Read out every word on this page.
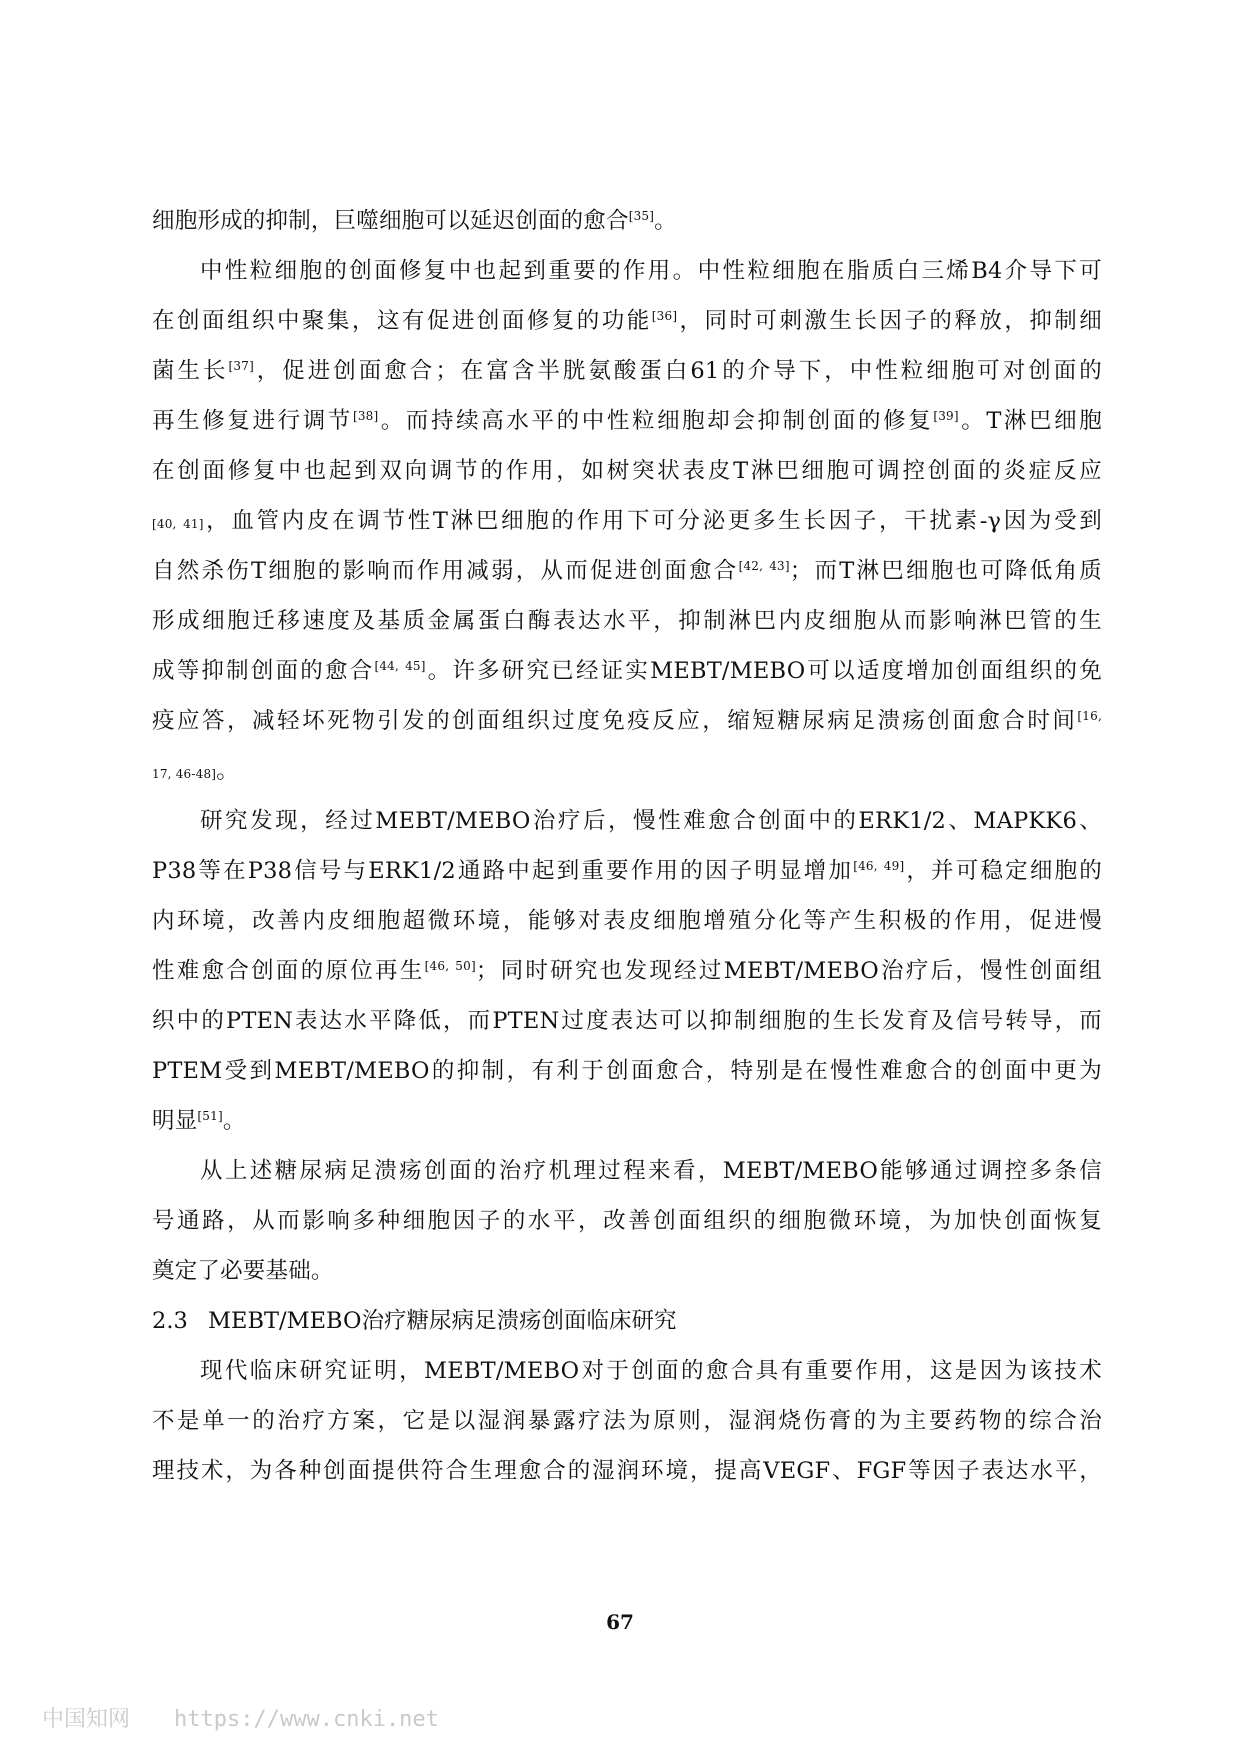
细胞形成的抑制，巨噬细胞可以延迟创面的愈合[35]。
中性粒细胞的创面修复中也起到重要的作用。中性粒细胞在脂质白三烯B4介导下可
在创面组织中聚集，这有促进创面修复的功能[36]，同时可刺激生长因子的释放，抑制细
菌生长[37]，促进创面愈合；在富含半胱氨酸蛋白61的介导下，中性粒细胞可对创面的
再生修复进行调节[38]。而持续高水平的中性粒细胞却会抑制创面的修复[39]。T淋巴细胞
在创面修复中也起到双向调节的作用，如树突状表皮T淋巴细胞可调控创面的炎症反应
[40, 41]，血管内皮在调节性T淋巴细胞的作用下可分泌更多生长因子，干扰素-γ因为受到
自然杀伤T细胞的影响而作用减弱，从而促进创面愈合[42, 43]；而T淋巴细胞也可降低角质
形成细胞迁移速度及基质金属蛋白酶表达水平，抑制淋巴内皮细胞从而影响淋巴管的生
成等抑制创面的愈合[44, 45]。许多研究已经证实MEBT/MEBO可以适度增加创面组织的免
疫应答，减轻坏死物引发的创面组织过度免疫反应，缩短糖尿病足溃疡创面愈合时间$^{[16,}$
17, 46-48]。
研究发现，经过MEBT/MEBO治疗后，慢性难愈合创面中的ERK1/2、MAPKK6、
P38等在P38信号与ERK1/2通路中起到重要作用的因子明显增加[46, 49]，并可稳定细胞的
内环境，改善内皮细胞超微环境，能够对表皮细胞增殖分化等产生积极的作用，促进慢
性难愈合创面的原位再生[46, 50]；同时研究也发现经过MEBT/MEBO治疗后，慢性创面组
织中的PTEN表达水平降低，而PTEN过度表达可以抑制细胞的生长发育及信号转导，而
PTEM受到MEBT/MEBO的抑制，有利于创面愈合，特别是在慢性难愈合的创面中更为
明显[51]。
从上述糖尿病足溃疡创面的治疗机理过程来看，MEBT/MEBO能够通过调控多条信
号通路，从而影响多种细胞因子的水平，改善创面组织的细胞微环境，为加快创面恢复
奠定了必要基础。
2.3 MEBT/MEBO治疗糖尿病足溃疡创面临床研究
现代临床研究证明，MEBT/MEBO对于创面的愈合具有重要作用，这是因为该技术
不是单一的治疗方案，它是以湿润暴露疗法为原则，湿润烧伤膏的为主要药物的综合治
理技术，为各种创面提供符合生理愈合的湿润环境，提高VEGF、FGF等因子表达水平，
67
中国知网 https://www.cnki.net
